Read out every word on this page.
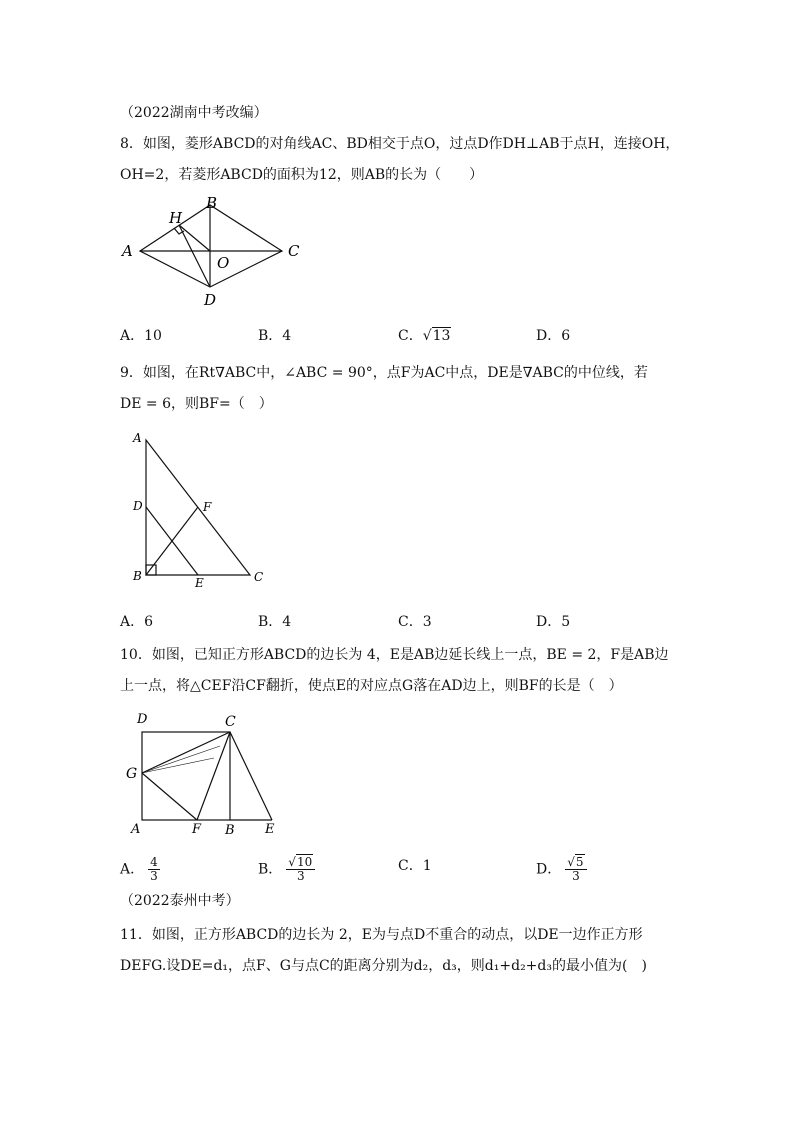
（2022湖南中考改编）
8．如图，菱形ABCD的对角线AC、BD相交于点O，过点D作DH⊥AB于点H，连接OH，
OH=2，若菱形ABCD的面积为12，则AB的长为（　　）
A
B
C
D
H
O
A．10	B．4	C．√13	D．6
9．如图，在Rt∇ABC中，∠ABC = 90°，点F为AC中点，DE是∇ABC的中位线，若
DE = 6，则BF=（　）
A
B	C
D
E
F
A．6	B．4	C．3	D．5
10．如图，已知正方形ABCD的边长为 4，E是AB边延长线上一点，BE = 2，F是AB边
上一点，将△CEF沿CF翻折，使点E的对应点G落在AD边上，则BF的长是（　）
A	B
C
D
E
F
G
A． $\frac{4}{3}$	B． $\frac{√10}{3}$	C．1	D． $\frac{√5}{3}$
（2022泰州中考）
11．如图，正方形ABCD的边长为 2，E为与点D不重合的动点，以DE一边作正方形
DEFG.设DE=d₁，点F、G与点C的距离分别为d₂，d₃，则d₁+d₂+d₃的最小值为(　)
